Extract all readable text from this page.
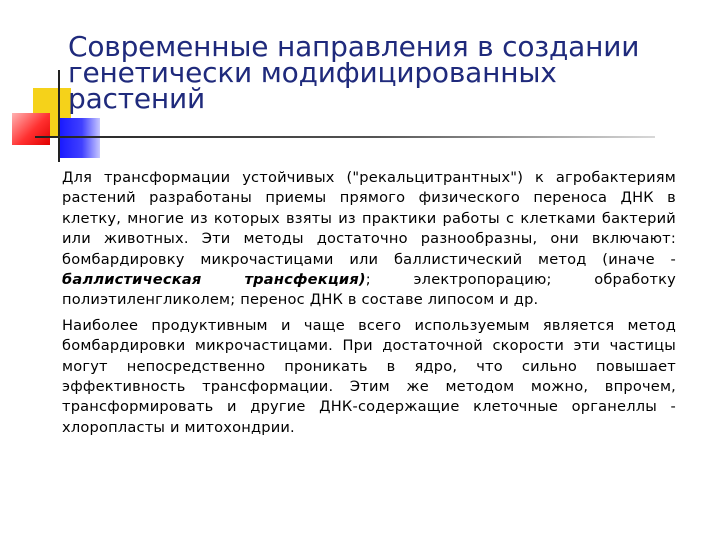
Современные направления в создании генетически модифицированных растений

Для трансформации устойчивых ("рекальцитрантных") к агробактериям растений разработаны приемы прямого физического переноса ДНК в клетку, многие из которых взяты из практики работы с клетками бактерий или животных. Эти методы достаточно разнообразны, они включают: бомбардировку микрочастицами или баллистический метод (иначе - баллистическая трансфекция); электропорацию; обработку полиэтиленгликолем; перенос ДНК в составе липосом и др.

Наиболее продуктивным и чаще всего используемым является метод бомбардировки микрочастицами. При достаточной скорости эти частицы могут непосредственно проникать в ядро, что сильно повышает эффективность трансформации. Этим же методом можно, впрочем, трансформировать и другие ДНК-содержащие клеточные органеллы - хлоропласты и митохондрии.
